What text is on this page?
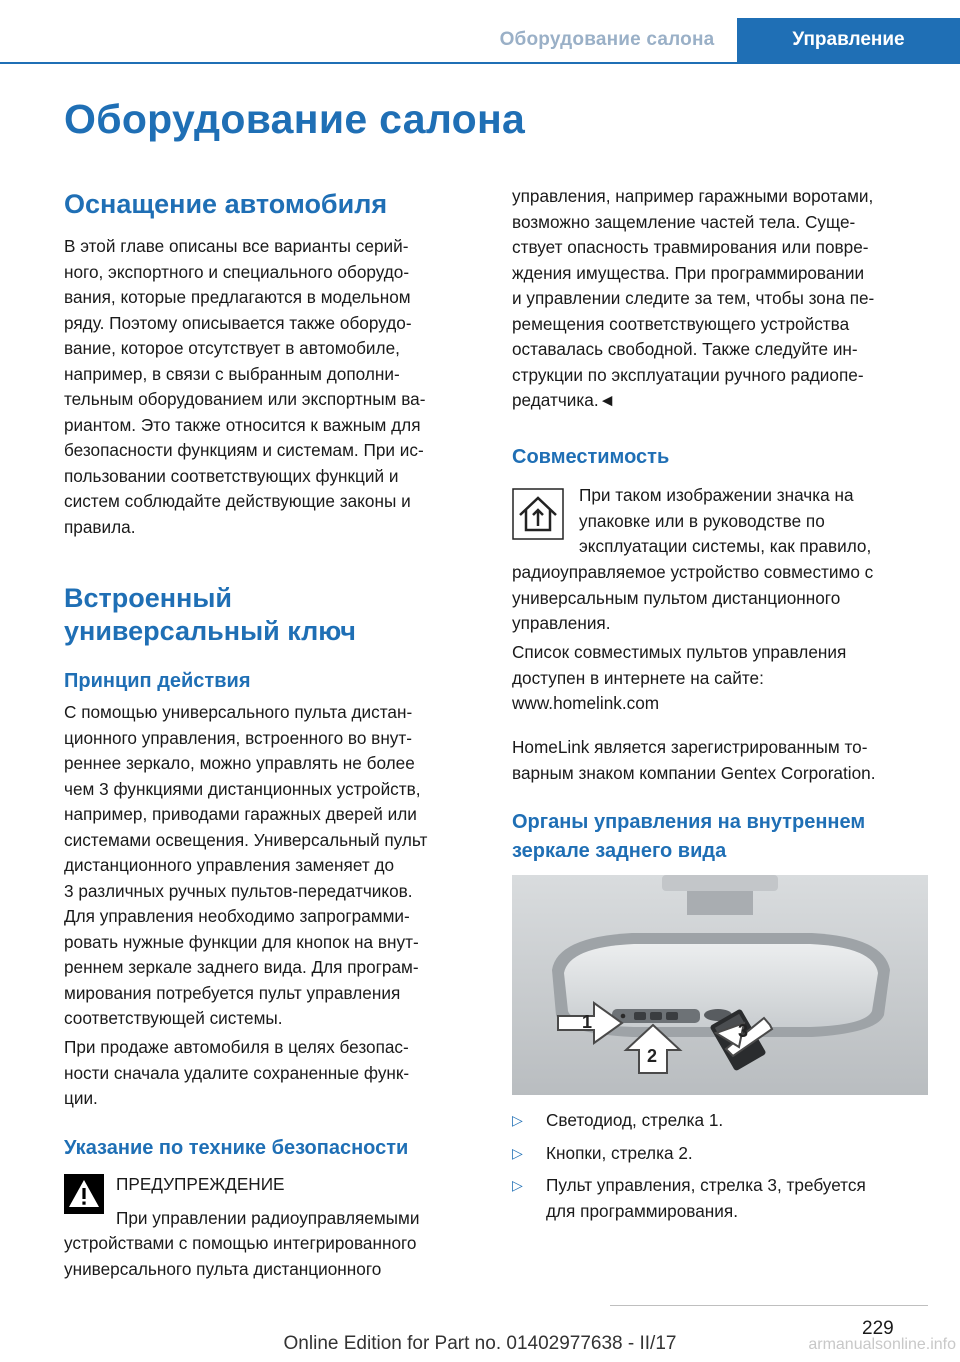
Оборудование салона	Управление
Оборудование салона
Оснащение автомобиля
В этой главе описаны все варианты серий-
ного, экспортного и специального оборудо-
вания, которые предлагаются в модельном
ряду. Поэтому описывается также оборудо-
вание, которое отсутствует в автомобиле,
например, в связи с выбранным дополни-
тельным оборудованием или экспортным ва-
риантом. Это также относится к важным для
безопасности функциям и системам. При ис-
пользовании соответствующих функций и
систем соблюдайте действующие законы и
правила.
Встроенный
универсальный ключ
Принцип действия
С помощью универсального пульта дистан-
ционного управления, встроенного во внут-
реннее зеркало, можно управлять не более
чем 3 функциями дистанционных устройств,
например, приводами гаражных дверей или
системами освещения. Универсальный пульт
дистанционного управления заменяет до
3 различных ручных пультов-передатчиков.
Для управления необходимо запрограмми-
ровать нужные функции для кнопок на внут-
реннем зеркале заднего вида. Для програм-
мирования потребуется пульт управления
соответствующей системы.
При продаже автомобиля в целях безопас-
ности сначала удалите сохраненные функ-
ции.
Указание по технике безопасности
ПРЕДУПРЕЖДЕНИЕ
При управлении радиоуправляемыми
устройствами с помощью интегрированного
универсального пульта дистанционного
управления, например гаражными воротами,
возможно защемление частей тела. Суще-
ствует опасность травмирования или повре-
ждения имущества. При программировании
и управлении следите за тем, чтобы зона пе-
ремещения соответствующего устройства
оставалась свободной. Также следуйте ин-
струкции по эксплуатации ручного радиопе-
редатчика.◄
Совместимость
При таком изображении значка на
упаковке или в руководстве по
эксплуатации системы, как правило,
радиоуправляемое устройство совместимо с
универсальным пультом дистанционного
управления.
Список совместимых пультов управления
доступен в интернете на сайте:
www.homelink.com
HomeLink является зарегистрированным то-
варным знаком компании Gentex Corporation.
Органы управления на внутреннем
зеркале заднего вида
▷ Светодиод, стрелка 1.
▷ Кнопки, стрелка 2.
▷ Пульт управления, стрелка 3, требуется
для программирования.
1
2
3
229
Online Edition for Part no. 01402977638 - II/17	armanualsonline.info
